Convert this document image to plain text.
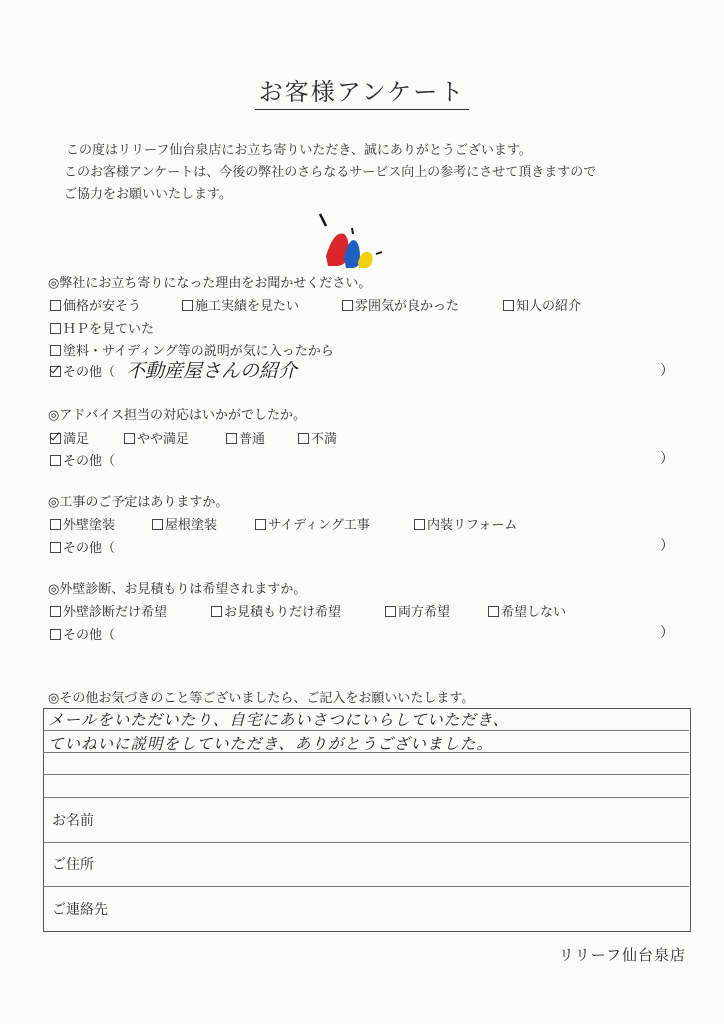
お客様アンケート
この度はリリーフ仙台泉店にお立ち寄りいただき、誠にありがとうございます。
このお客様アンケートは、今後の弊社のさらなるサービス向上の参考にさせて頂きますので
ご協力をお願いいたします。
◎弊社にお立ち寄りになった理由をお聞かせください。
価格が安そう	施工実績を見たい	雰囲気が良かった	知人の紹介
ＨＰを見ていた
塗料・サイディング等の説明が気に入ったから
その他（ 不動産屋さんの紹介	）
◎アドバイス担当の対応はいかがでしたか。
満足	やや満足	普通	不満
その他（	）
◎工事のご予定はありますか。
外壁塗装	屋根塗装	サイディング工事	内装リフォーム
その他（	）
◎外壁診断、お見積もりは希望されますか。
外壁診断だけ希望	お見積もりだけ希望	両方希望	希望しない
その他（	）
◎その他お気づきのこと等ございましたら、ご記入をお願いいたします。
メールをいただいたり、自宅にあいさつにいらしていただき、
ていねいに説明をしていただき、ありがとうございました。
お名前
ご住所
ご連絡先
リリーフ仙台泉店
